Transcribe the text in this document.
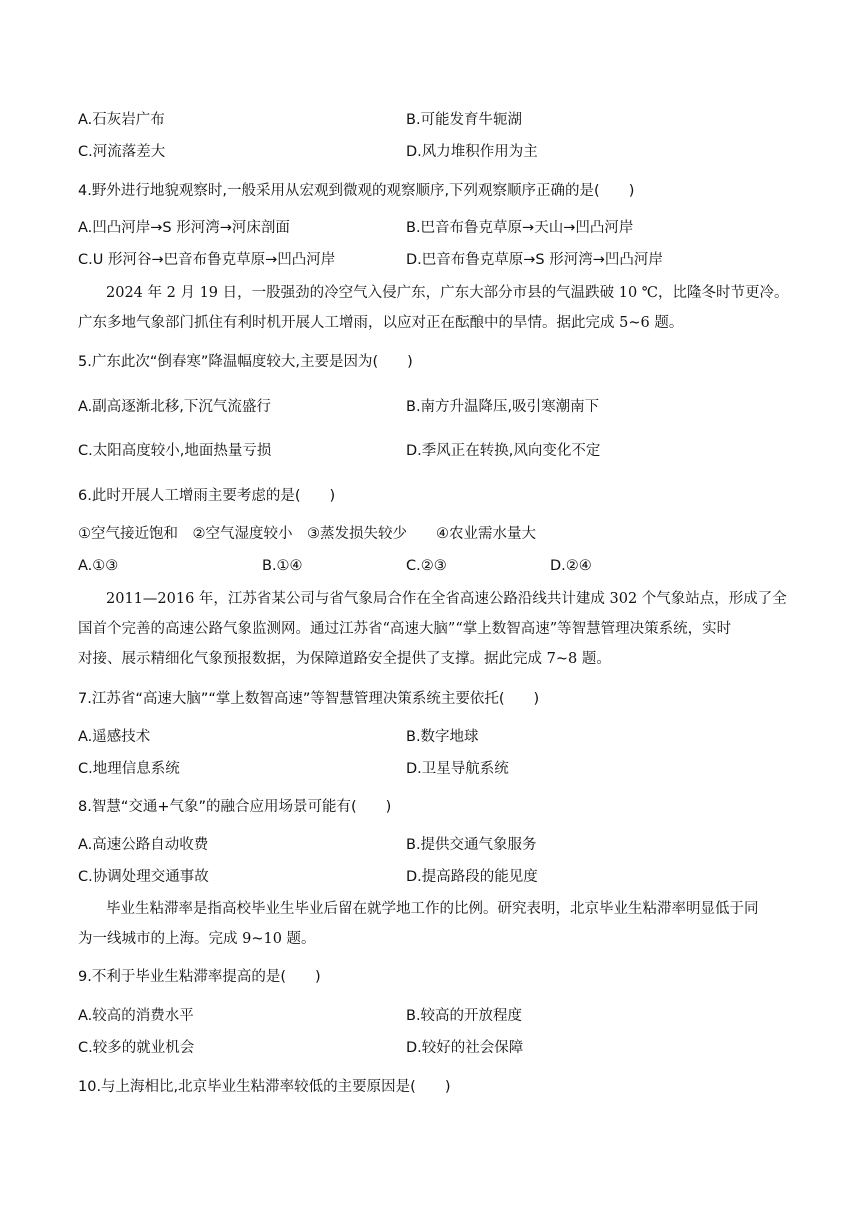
A.石灰岩广布	B.可能发育牛轭湖
C.河流落差大	D.风力堆积作用为主
4.野外进行地貌观察时,一般采用从宏观到微观的观察顺序,下列观察顺序正确的是(　　)
A.凹凸河岸→S 形河湾→河床剖面	B.巴音布鲁克草原→天山→凹凸河岸
C.U 形河谷→巴音布鲁克草原→凹凸河岸	D.巴音布鲁克草原→S 形河湾→凹凸河岸
2024 年 2 月 19 日，一股强劲的冷空气入侵广东，广东大部分市县的气温跌破 10 ℃，比隆冬时节更冷。
广东多地气象部门抓住有利时机开展人工增雨，以应对正在酝酿中的旱情。据此完成 5~6 题。
5.广东此次“倒春寒”降温幅度较大,主要是因为(　　)
A.副高逐渐北移,下沉气流盛行	B.南方升温降压,吸引寒潮南下
C.太阳高度较小,地面热量亏损	D.季风正在转换,风向变化不定
6.此时开展人工增雨主要考虑的是(　　)
①空气接近饱和　②空气湿度较小　③蒸发损失较少　　④农业需水量大
A.①③	B.①④	C.②③	D.②④
2011—2016 年，江苏省某公司与省气象局合作在全省高速公路沿线共计建成 302 个气象站点，形成了全
国首个完善的高速公路气象监测网。通过江苏省“高速大脑”“掌上数智高速”等智慧管理决策系统，实时
对接、展示精细化气象预报数据，为保障道路安全提供了支撑。据此完成 7~8 题。
7.江苏省“高速大脑”“掌上数智高速”等智慧管理决策系统主要依托(　　)
A.遥感技术	B.数字地球
C.地理信息系统	D.卫星导航系统
8.智慧“交通+气象”的融合应用场景可能有(　　)
A.高速公路自动收费	B.提供交通气象服务
C.协调处理交通事故	D.提高路段的能见度
毕业生粘滞率是指高校毕业生毕业后留在就学地工作的比例。研究表明，北京毕业生粘滞率明显低于同
为一线城市的上海。完成 9~10 题。
9.不利于毕业生粘滞率提高的是(　　)
A.较高的消费水平	B.较高的开放程度
C.较多的就业机会	D.较好的社会保障
10.与上海相比,北京毕业生粘滞率较低的主要原因是(　　)
